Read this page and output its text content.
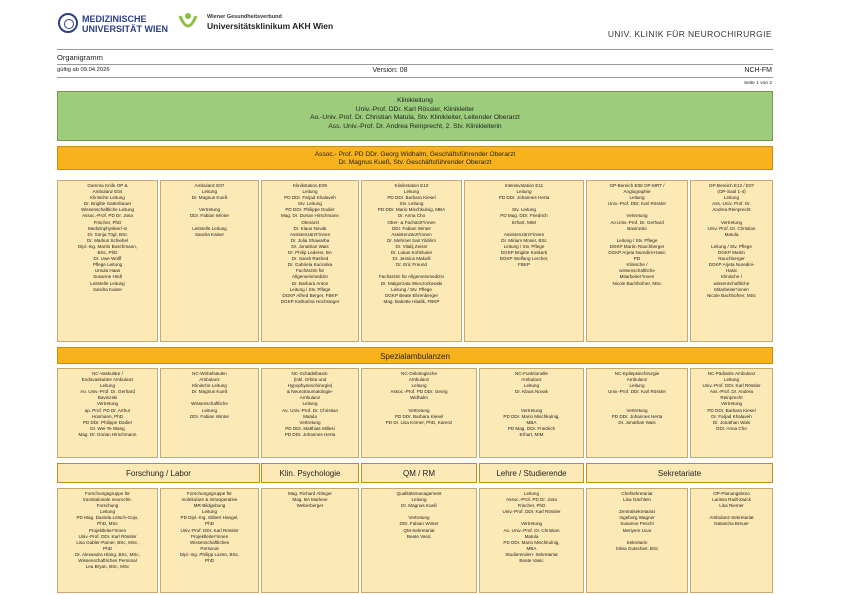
MEDIZINISCHE
UNIVERSITÄT WIEN
Wiener Gesundheitsverbund
Universitätsklinikum AKH Wien
UNIV. KLINIK FÜR NEUROCHIRURGIE
Organigramm
gültig ab 09.04.2026	Version: 08	NCH-FM
Seite 1 von 2
Klinikleitung
Univ.-Prof. DDr. Karl Rössler, Klinikleiter
Ao.-Univ. Prof. Dr. Christian Matula, Stv. Klinikleiter, Leitender Oberarzt
Ass. Univ.-Prof. Dr. Andrea Reinprecht, 2. Stv. Klinikleiterin
Assoc.- Prof. PD DDr. Georg Widhalm, Geschäftsführender Oberarzt
Dr. Magnus Kueß, Stv. Geschäftsführender Oberarzt
Gamma Knife OP &
Ambulanz E04
Klinische Leitung
Dr. Brigitte Gatterbauer
Wissenschaftliche Leitung
Assoc.-Prof. PD Dr. Josa
Frischer, PhD
Medizinphysiker/-in
Dr. Sonja Tögl, BSc
Dr. Markus Schiebel
Dipl.-Ing. Martin Buschmann,
BSc, PhD
Dr. Uwe Wolff
Pflege Leitung
Ursula Haas
Susanne Hödl
Leitstelle Leitung
Sandra Kaiser
Ambulanz E07
Leitung
Dr. Magnus Kueß

Vertretung
DDr. Fabian Winter

Leitstelle Leitung
Sandra Kaiser
Klinikstation E09
Leitung
PD DDr. Farjad Khalaveh
Stv. Leitung
PD DDr. Philippe Dodier
Mag. Dr. Dorian Hirschmann
Oberarzt
Dr. Klaus Novak
Assistenzärzt*innen
Dr. Julia Shawarba
Dr. Jonathan Wais
Dr. Philip Lederer, BA
Dr. Sarah Rashed
Dr. Gabriela Kucinska
Fachärztin für
Allgemeinmedizin
Dr. Barbara Anton
Leitung / Stv. Pflege
DGKP Alfred Berger, FBKP
DGKP Katharina Hochsteger
Klinikstation E10
Leitung
PD DDr. Barbara Kiesel
Stv. Leitung
PD DDr. Mario Mischkulnig, MBA
Dr. Anna Cho
Ober- & Fachärzt*innen
DDr. Fabian Winter
Assistenzärzt*innen
Dr. Mehmet Sait Yildirim
Dr. Vitalij Zeiser
Dr. Lukas Kohlmaier
Dr. Jessica Makolli
Dr. Eric Freund

Fachärztin für Allgemeinmedizin
Dr. Malgorzata Wieczorkowski
Leitung / Stv. Pflege
DGKP Beate Ehrenberger
Mag. Babette Hladik, FBKP
Intensivstation E11
Leitung
PD DDr. Johannes Herta

Stv. Leitung
PD Mag. DDr. Friedrich
Erhart, MIM

Assistenzärzt*innen
Dr. Miriam Moser, BSc
Leitung / Stv. Pflege
DGKP Brigitte Koskarti
DGKP Wolfang Lercher,
FBKP
OP-Bereich E08 OP-MRT /
Angiographie
Leitung
Univ.-Prof. DDr. Karl Rössler

Vertretung
Ao.Univ.-Prof. Dr. Gerhard
Bavinzski

Leitung / Stv. Pflege
DGKP Martin Rauchberger
DGKP Arjeta Nuredini-Hasic
PD
Klinische /
wissenschaftliche
Mitarbeiter*innen
Nicole Bachhofner, MSc
OP-Bereich E12 / E07
(OP-Saal 1-4)
Leitung
Ass.-Univ. Prof. Dr.
Andrea Reinprecht

Vertretung
Univ.-Prof. Dr. Christian
Matula

Leitung / Stv. Pflege
DGKP Martin
Rauchberger
DGKP Arjeta Nuredini-
Hasic
Klinische /
wissenschaftliche
Mitarbeiter*innen
Nicole Bachhofner, MSc
Spezialambulanzen
NC-Vaskuläre /
Endovaskuläre Ambulanz
Leitung
Ao. Univ.-Prof. Dr. Gerhard
Bavinzski
Vertretung
ap. Prof. PD Dr. Arthur
Hosmann, PhD
PD DDr. Philippe Dodier
Dr. Wei-Te Wang
Mag. Dr. Dorian Hirschmann
NC-Wirbelsäulen
Ambulanz
Klinische Leitung
Dr. Magnus Kueß

Wissenschaftliche
Leitung
DDr. Fabian Winter
NC-Schädelbasis-
(inkl. Orbita und
Hypophysenchirurgie)
& Neurotraumatologie-
Ambulanz
Leitung
Ao. Univ.-Prof. Dr. Christian
Matula
Vertretung
PD DDr. Matthias Millesi
PD DDr. Johannes Herta
NC-Onkologische
Ambulanz
Leitung
Assoc.-Prof. PD DDr. Georg
Widhalm

Vertretung
PD DDr. Barbara Kiesel
PD Dr. Lisa Körner, PhD, Karenz
NC-Funktionelle
Ambulanz
Leitung
Dr. Klaus Novak

Vertretung
PD DDr. Mario Mischkulnig,
MBA
PD Mag. DDr. Friedrich
Erhart, MIM
NC-Epilepsiechirurgie
Ambulanz
Leitung
Univ.-Prof. DDr. Karl Rössler

Vertretung
PD DDr. Johannes Herta
Dr. Jonathan Wais
NC-Pädiatrie Ambulanz
Leitung
Univ.-Prof. DDr. Karl Rössler
Ass.-Prof. Dr. Andrea
Reinprecht
Vertretung
PD DDr. Barbara Kiesel
Dr. Farjad Khalaveh
Dr. Jonathan Wais
DDr. Anna Cho
Forschung / Labor	Klin. Psychologie	QM / RM	Lehre / Studierende	Sekretariate
Forschungsgruppe für
translationale neurochir.
Forschung
Leitung
PD Mag. Daniela Lötsch-Gojo,
PhD, MSc
Projektleiter*innen
Univ.-Prof. DDr. Karl Rössler
Lisa Gabler-Pamer, BSc, MSc,
PhD
Dr. Alexandra Hlang, BSc, MSc,
Wissenschaftliches Personal
Lea Bryan, BSc, MSc
Forschungsgruppe für
molekulare & intraoperative
MR-Bildgebung
Leitung
PD Dipl.-Ing. Gilbert Hangel,
PhD
Univ.-Prof. DDr. Karl Rössler
Projektleiter*innen
Wissenschaftliches
Personal
Dipl.-Ing. Philipp Lazen, BSc,
PhD
Mag. Richard Altinger
Mag. BA Marlene
Weberberger
Qualitätsmanagement
Leitung
Dr. Magnus Kueß

Vertretung
DDr. Fabian Winter
QM-Sekretariat
Beate Vasic
Leitung
Assoc.-Prof. PD Dr. Josa
Frischer, PhD
Univ.-Prof. DDr. Karl Rössler

Vertretung
Ao. Univ.-Prof. Dr. Christian
Matula
PD DDr. Mario Mischkulnig,
MBA
Studierenden- Sekretariat
Beate Vasic
Chefsekretariat
Lisa Gächlein

Zentralsekretariat
Ingeborg Wagner
Susanne Peschl
Meriyem Ucar

Sekretarin
Silvia Gutschier, BSc
OP-Planungsbüro
Larissa Radl-Zwick
Lisa Riemer

Ambulanz-Sekretariat
Natascha Breuer
